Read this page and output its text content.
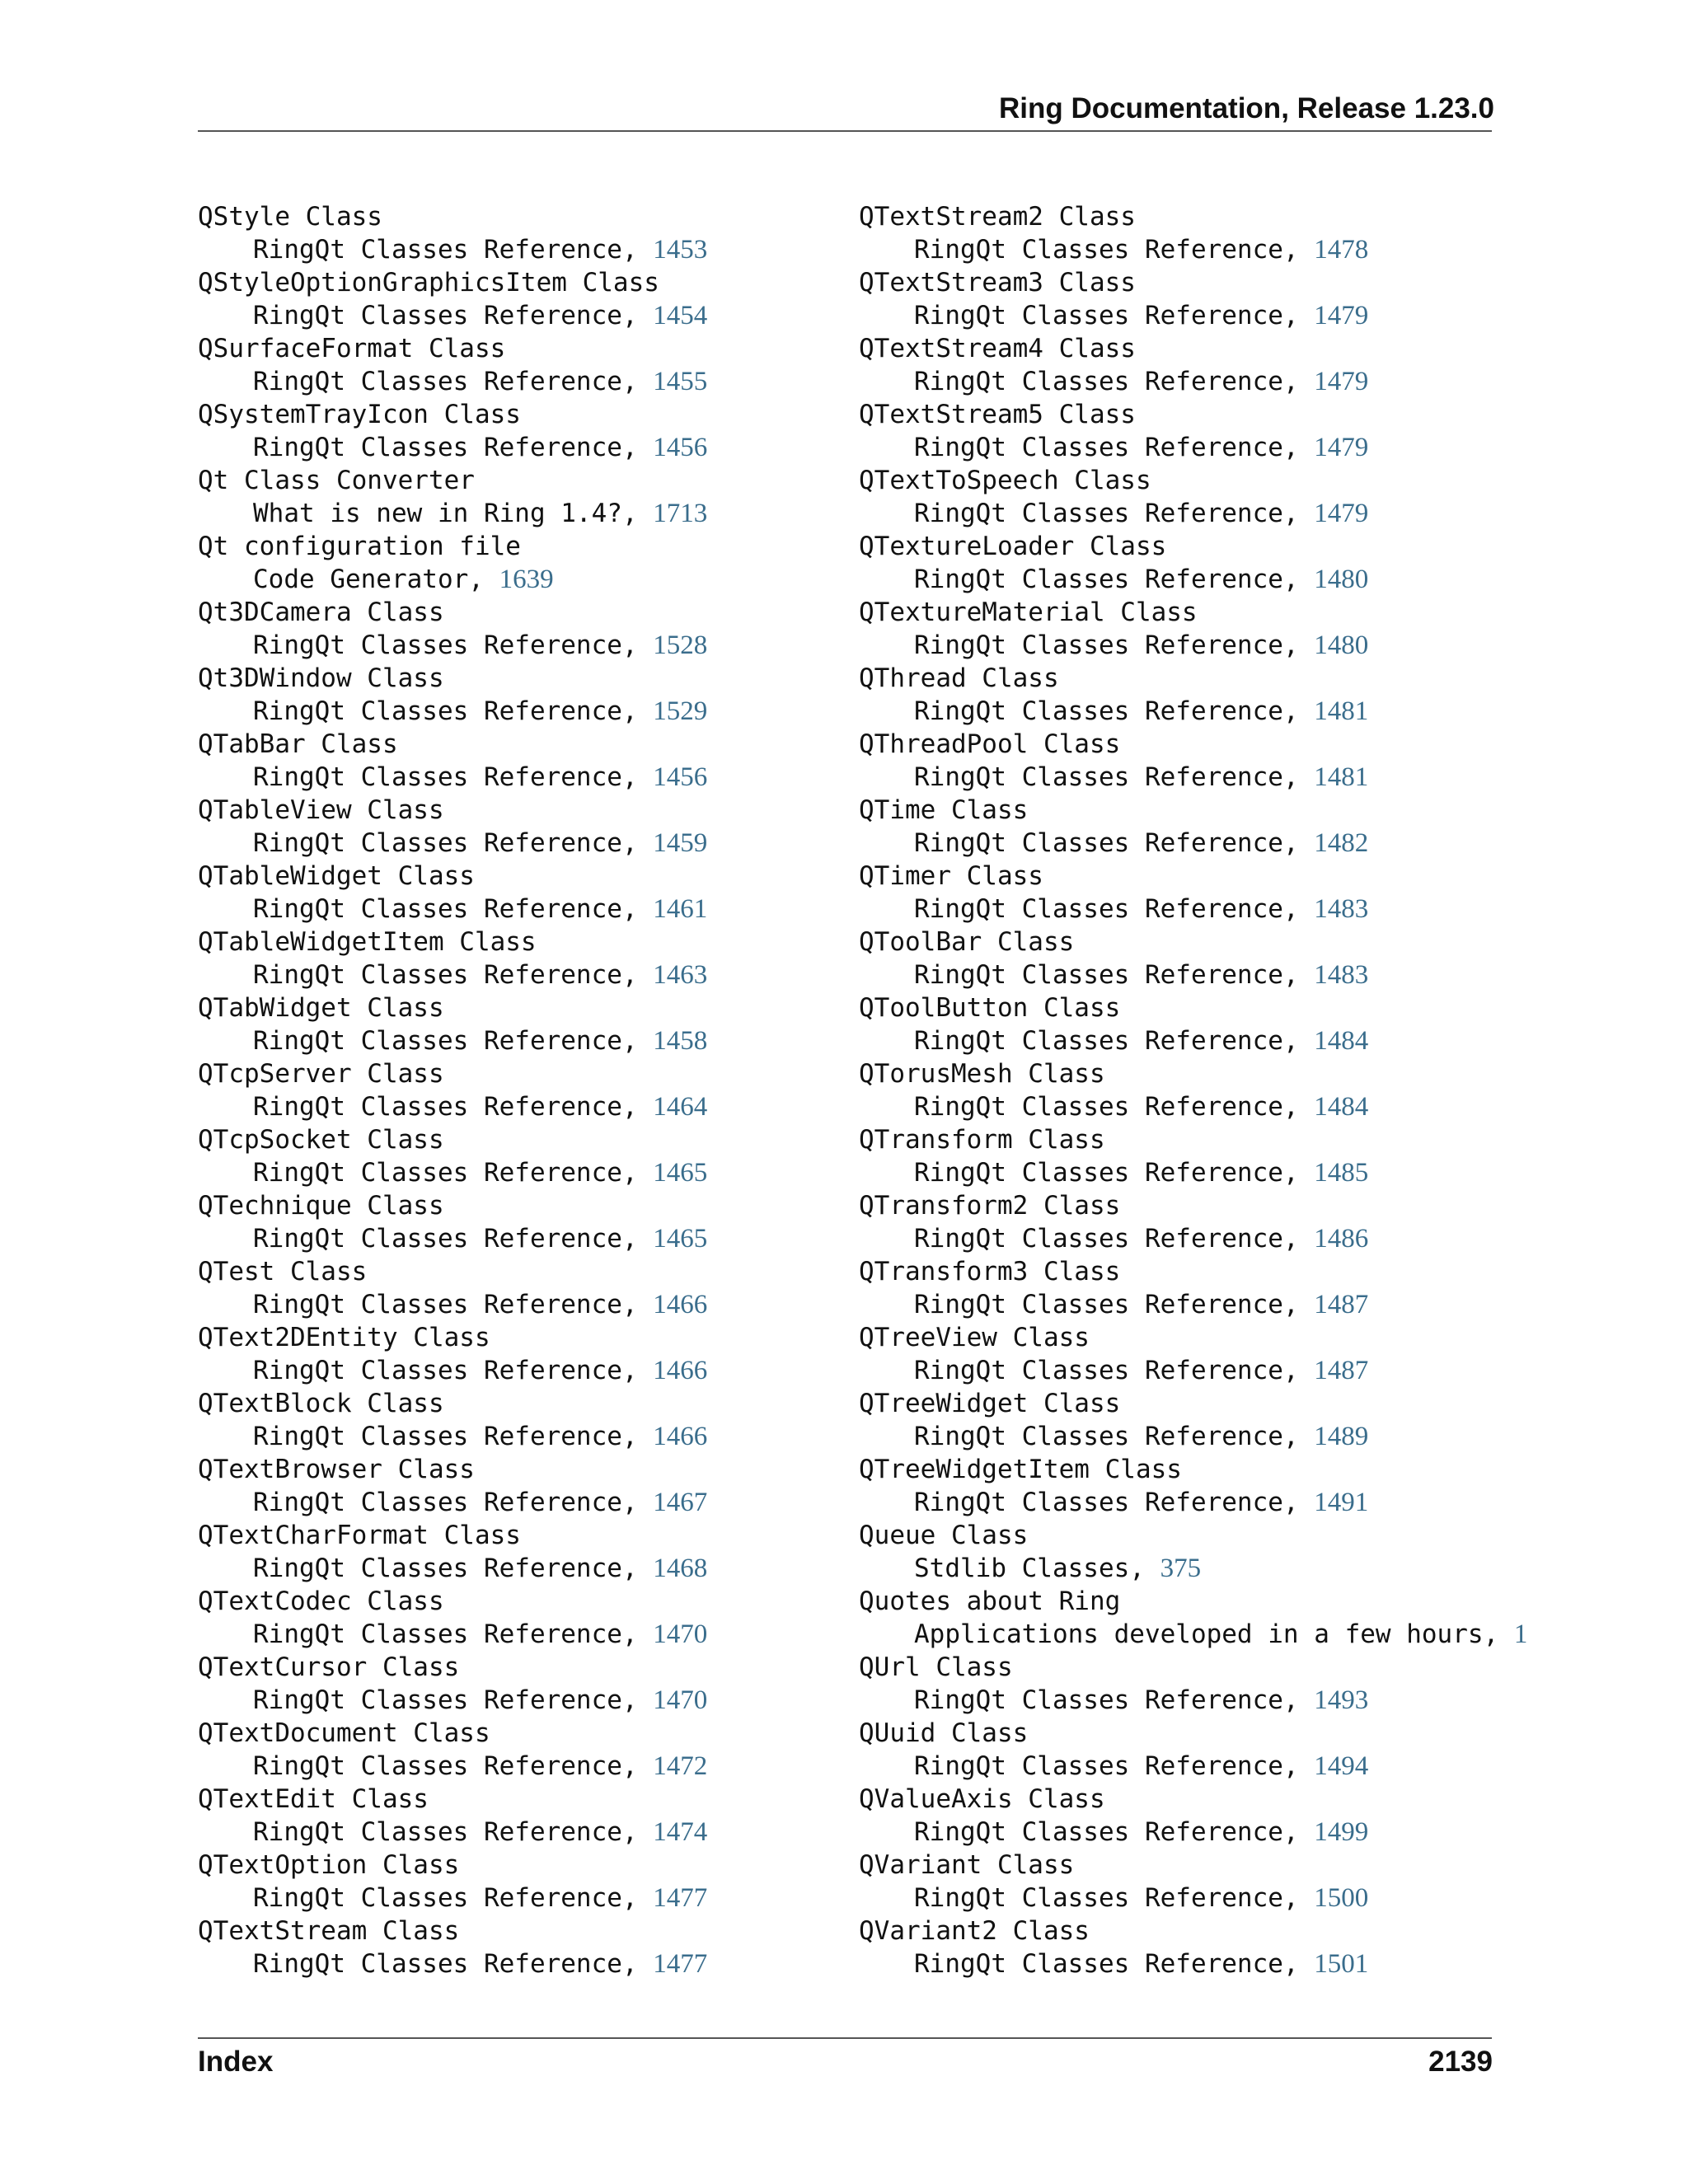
Ring Documentation, Release 1.23.0
QStyle Class
RingQt Classes Reference, 1453
QStyleOptionGraphicsItem Class
RingQt Classes Reference, 1454
QSurfaceFormat Class
RingQt Classes Reference, 1455
QSystemTrayIcon Class
RingQt Classes Reference, 1456
Qt Class Converter
What is new in Ring 1.4?, 1713
Qt configuration file
Code Generator, 1639
Qt3DCamera Class
RingQt Classes Reference, 1528
Qt3DWindow Class
RingQt Classes Reference, 1529
QTabBar Class
RingQt Classes Reference, 1456
QTableView Class
RingQt Classes Reference, 1459
QTableWidget Class
RingQt Classes Reference, 1461
QTableWidgetItem Class
RingQt Classes Reference, 1463
QTabWidget Class
RingQt Classes Reference, 1458
QTcpServer Class
RingQt Classes Reference, 1464
QTcpSocket Class
RingQt Classes Reference, 1465
QTechnique Class
RingQt Classes Reference, 1465
QTest Class
RingQt Classes Reference, 1466
QText2DEntity Class
RingQt Classes Reference, 1466
QTextBlock Class
RingQt Classes Reference, 1466
QTextBrowser Class
RingQt Classes Reference, 1467
QTextCharFormat Class
RingQt Classes Reference, 1468
QTextCodec Class
RingQt Classes Reference, 1470
QTextCursor Class
RingQt Classes Reference, 1470
QTextDocument Class
RingQt Classes Reference, 1472
QTextEdit Class
RingQt Classes Reference, 1474
QTextOption Class
RingQt Classes Reference, 1477
QTextStream Class
RingQt Classes Reference, 1477
QTextStream2 Class
RingQt Classes Reference, 1478
QTextStream3 Class
RingQt Classes Reference, 1479
QTextStream4 Class
RingQt Classes Reference, 1479
QTextStream5 Class
RingQt Classes Reference, 1479
QTextToSpeech Class
RingQt Classes Reference, 1479
QTextureLoader Class
RingQt Classes Reference, 1480
QTextureMaterial Class
RingQt Classes Reference, 1480
QThread Class
RingQt Classes Reference, 1481
QThreadPool Class
RingQt Classes Reference, 1481
QTime Class
RingQt Classes Reference, 1482
QTimer Class
RingQt Classes Reference, 1483
QToolBar Class
RingQt Classes Reference, 1483
QToolButton Class
RingQt Classes Reference, 1484
QTorusMesh Class
RingQt Classes Reference, 1484
QTransform Class
RingQt Classes Reference, 1485
QTransform2 Class
RingQt Classes Reference, 1486
QTransform3 Class
RingQt Classes Reference, 1487
QTreeView Class
RingQt Classes Reference, 1487
QTreeWidget Class
RingQt Classes Reference, 1489
QTreeWidgetItem Class
RingQt Classes Reference, 1491
Queue Class
Stdlib Classes, 375
Quotes about Ring
Applications developed in a few hours, 1
QUrl Class
RingQt Classes Reference, 1493
QUuid Class
RingQt Classes Reference, 1494
QValueAxis Class
RingQt Classes Reference, 1499
QVariant Class
RingQt Classes Reference, 1500
QVariant2 Class
RingQt Classes Reference, 1501
Index	2139
